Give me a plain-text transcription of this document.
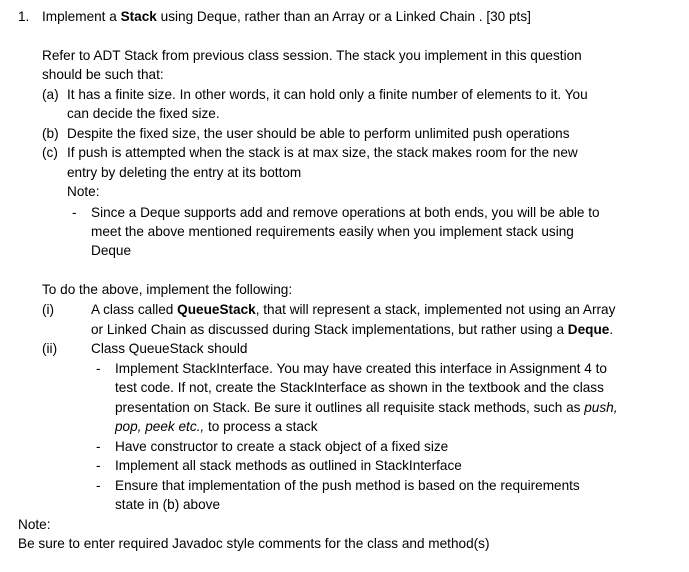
1. Implement a Stack using Deque, rather than an Array or a Linked Chain . [30 pts]
Refer to ADT Stack from previous class session. The stack you implement in this question
should be such that:
(a) It has a finite size. In other words, it can hold only a finite number of elements to it. You
can decide the fixed size.
(b) Despite the fixed size, the user should be able to perform unlimited push operations
(c) If push is attempted when the stack is at max size, the stack makes room for the new
entry by deleting the entry at its bottom
Note:
- Since a Deque supports add and remove operations at both ends, you will be able to
meet the above mentioned requirements easily when you implement stack using
Deque
To do the above, implement the following:
(i)	A class called QueueStack, that will represent a stack, implemented not using an Array
or Linked Chain as discussed during Stack implementations, but rather using a Deque.
(ii) Class QueueStack should
- Implement StackInterface. You may have created this interface in Assignment 4 to
test code. If not, create the StackInterface as shown in the textbook and the class
presentation on Stack. Be sure it outlines all requisite stack methods, such as push,
pop, peek etc., to process a stack
- Have constructor to create a stack object of a fixed size
- Implement all stack methods as outlined in StackInterface
- Ensure that implementation of the push method is based on the requirements
state in (b) above
Note:
Be sure to enter required Javadoc style comments for the class and method(s)
